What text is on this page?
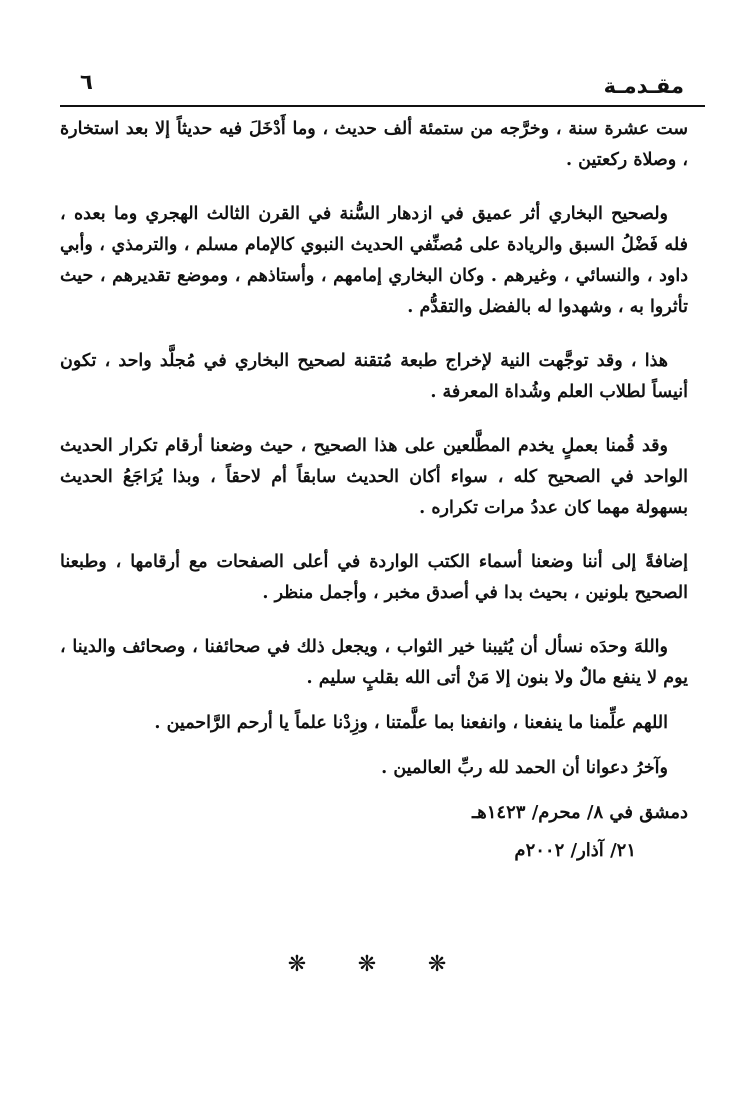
مقـدمـة
٦

ست عشرة سنة ، وخرَّجه من ستمئة ألف حديث ، وما أَدْخَلَ فيه حديثاً إلا بعد استخارة ، وصلاة ركعتين .

ولصحيح البخاري أثر عميق في ازدهار السُّنة في القرن الثالث الهجري وما بعده ، فله فَضْلُ السبق والريادة على مُصنِّفي الحديث النبوي كالإمام مسلم ، والترمذي ، وأبي داود ، والنسائي ، وغيرهم . وكان البخاري إمامهم ، وأستاذهم ، وموضع تقديرهم ، حيث تأثروا به ، وشهدوا له بالفضل والتقدُّم .

هذا ، وقد توجَّهت النية لإخراج طبعة مُتقنة لصحيح البخاري في مُجلَّد واحد ، تكون أنيساً لطلاب العلم وشُداة المعرفة .

وقد قُمنا بعملٍ يخدم المطَّلعين على هذا الصحيح ، حيث وضعنا أرقام تكرار الحديث الواحد في الصحيح كله ، سواء أكان الحديث سابقاً أم لاحقاً ، وبذا يُرَاجَعُ الحديث بسهولة مهما كان عددُ مرات تكراره .

إضافةً إلى أننا وضعنا أسماء الكتب الواردة في أعلى الصفحات مع أرقامها ، وطبعنا الصحيح بلونين ، بحيث بدا في أصدق مخبر ، وأجمل منظر .

واللهَ وحدَه نسأل أن يُثيبنا خير الثواب ، ويجعل ذلك في صحائفنا ، وصحائف والدينا ، يوم لا ينفع مالٌ ولا بنون إلا مَنْ أتى الله بقلبٍ سليم .

اللهم علِّمنا ما ينفعنا ، وانفعنا بما علَّمتنا ، وزِدْنا علماً يا أرحم الرَّاحمين .

وآخرُ دعوانا أن الحمد لله ربِّ العالمين .

دمشق في ٨/ محرم/ ١٤٢٣هـ

٢١/ آذار/ ٢٠٠٢م

❋ ❋ ❋
